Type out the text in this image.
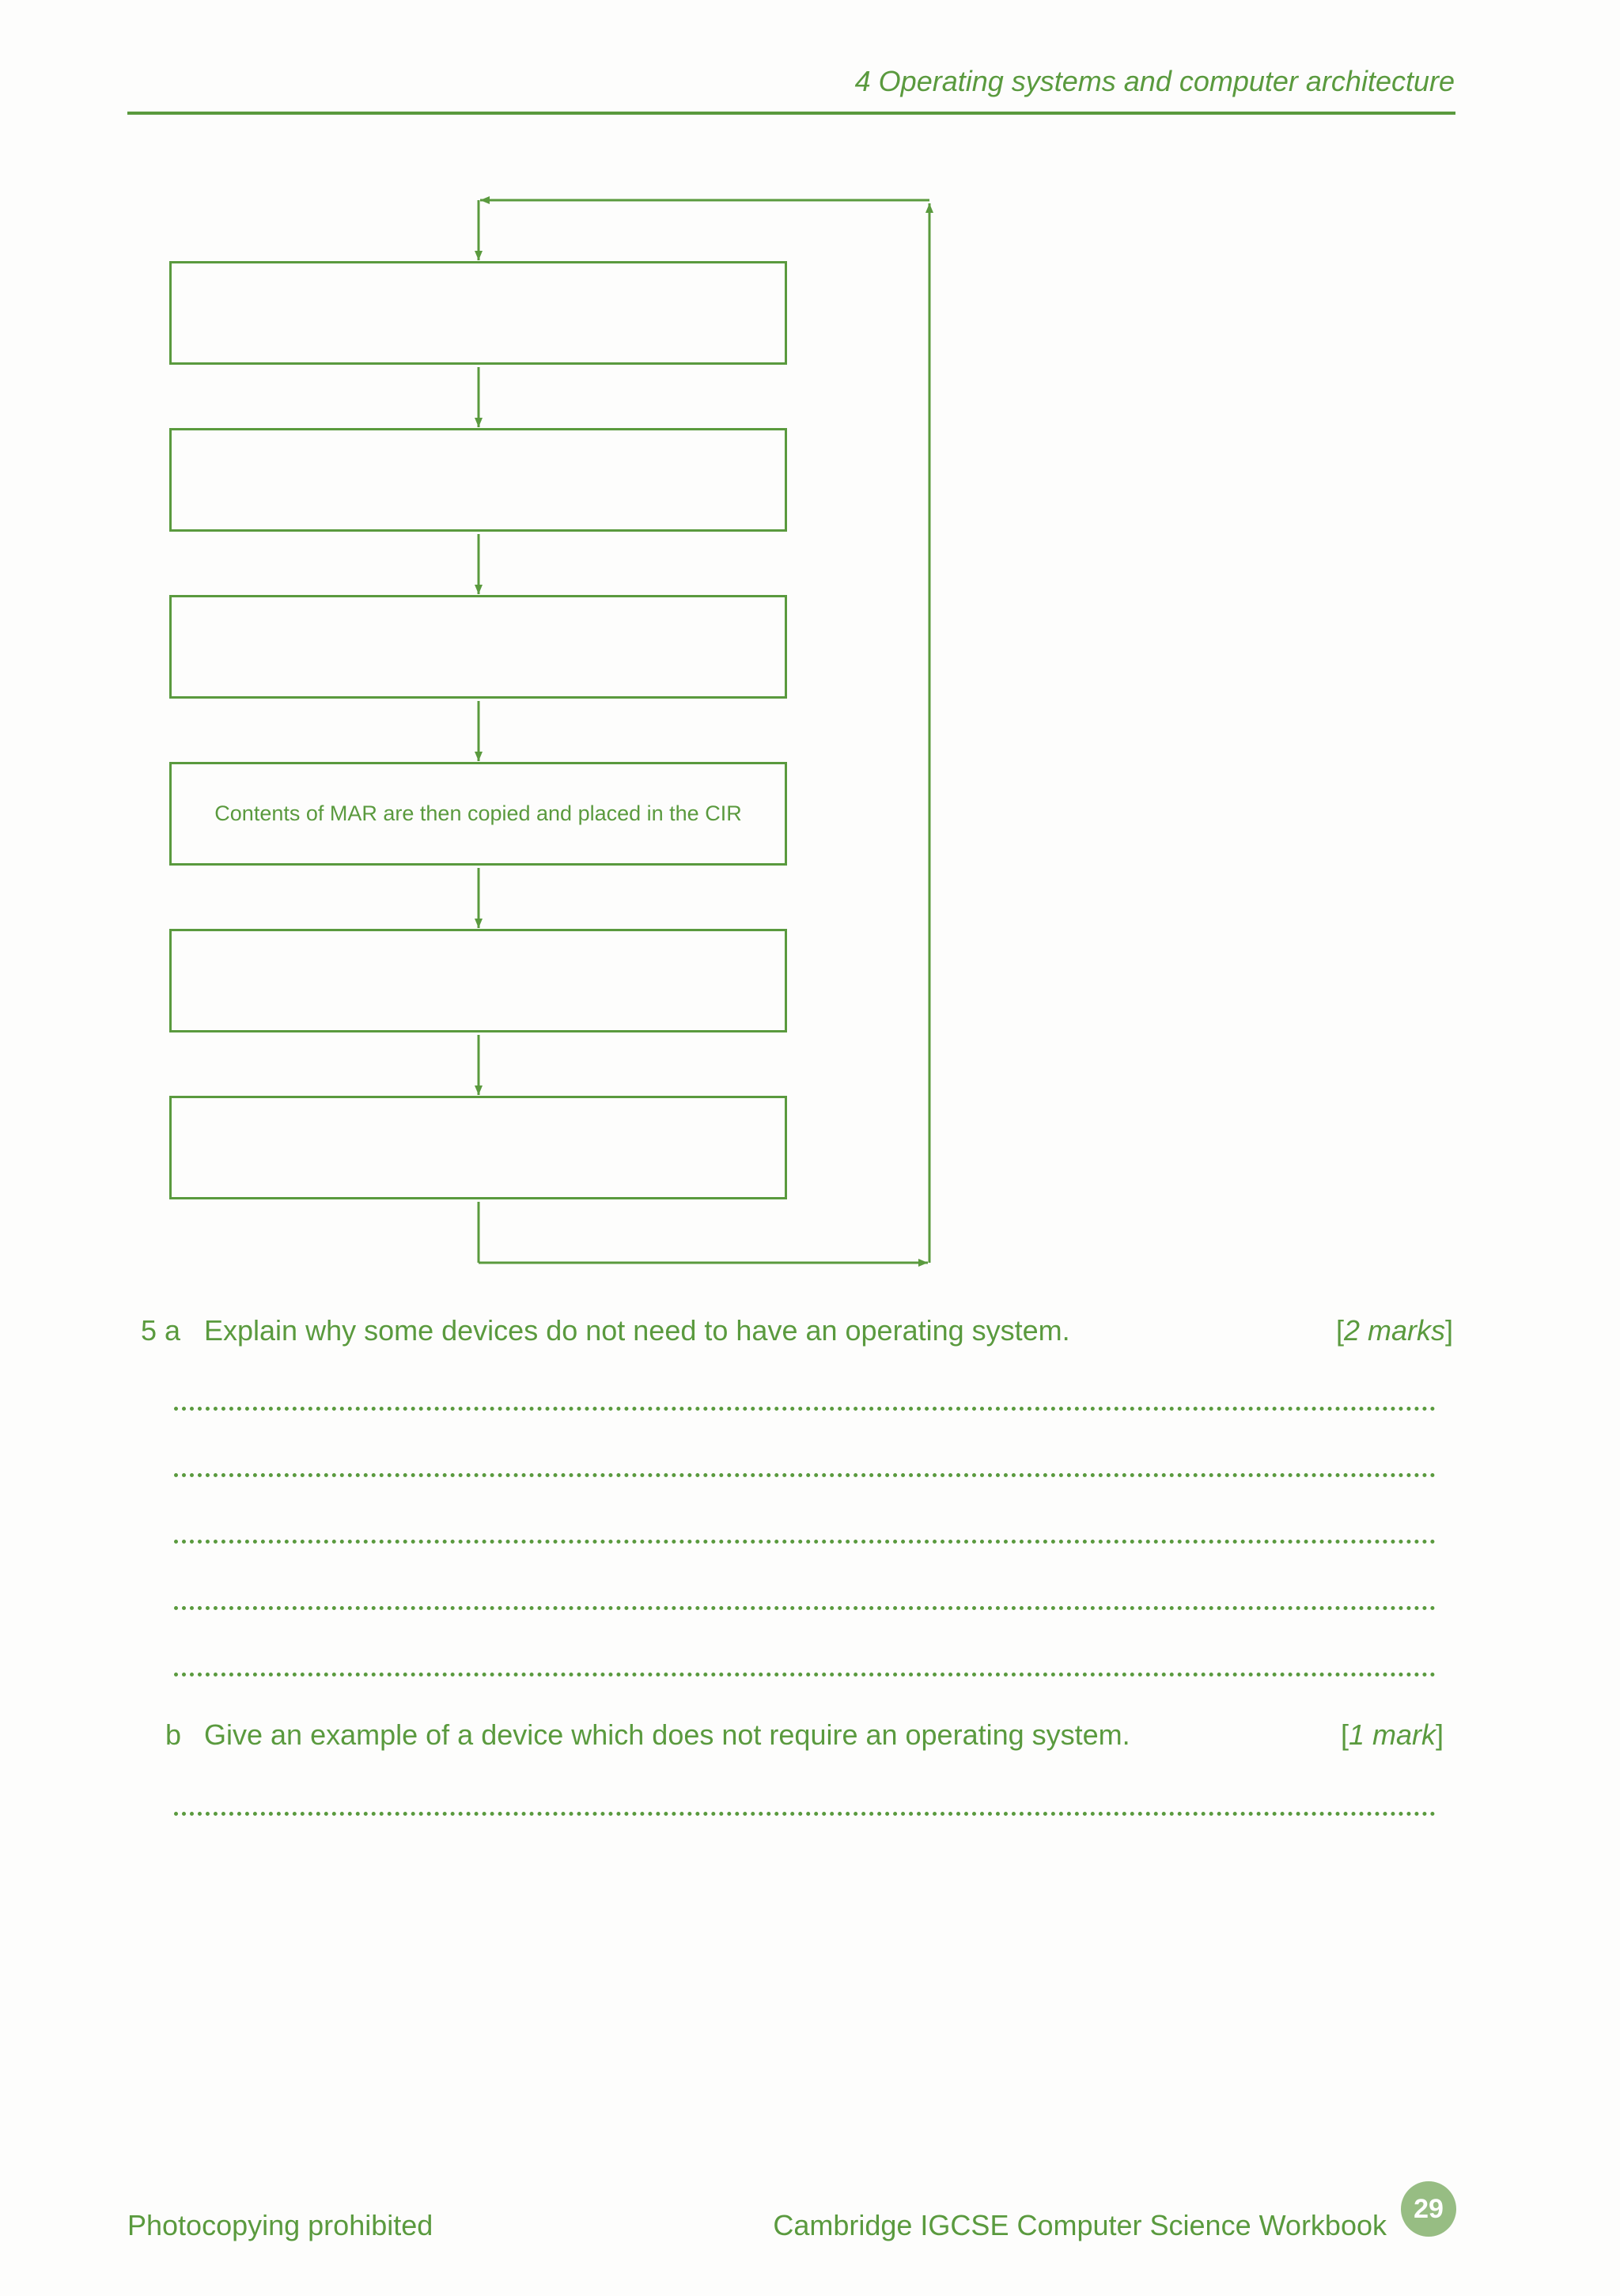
4 Operating systems and computer architecture
Contents of MAR are then copied and placed in the CIR
5 a Explain why some devices do not need to have an operating system.	[2 marks]
b Give an example of a device which does not require an operating system.	[1 mark]
Photocopying prohibited	Cambridge IGCSE Computer Science Workbook
29
